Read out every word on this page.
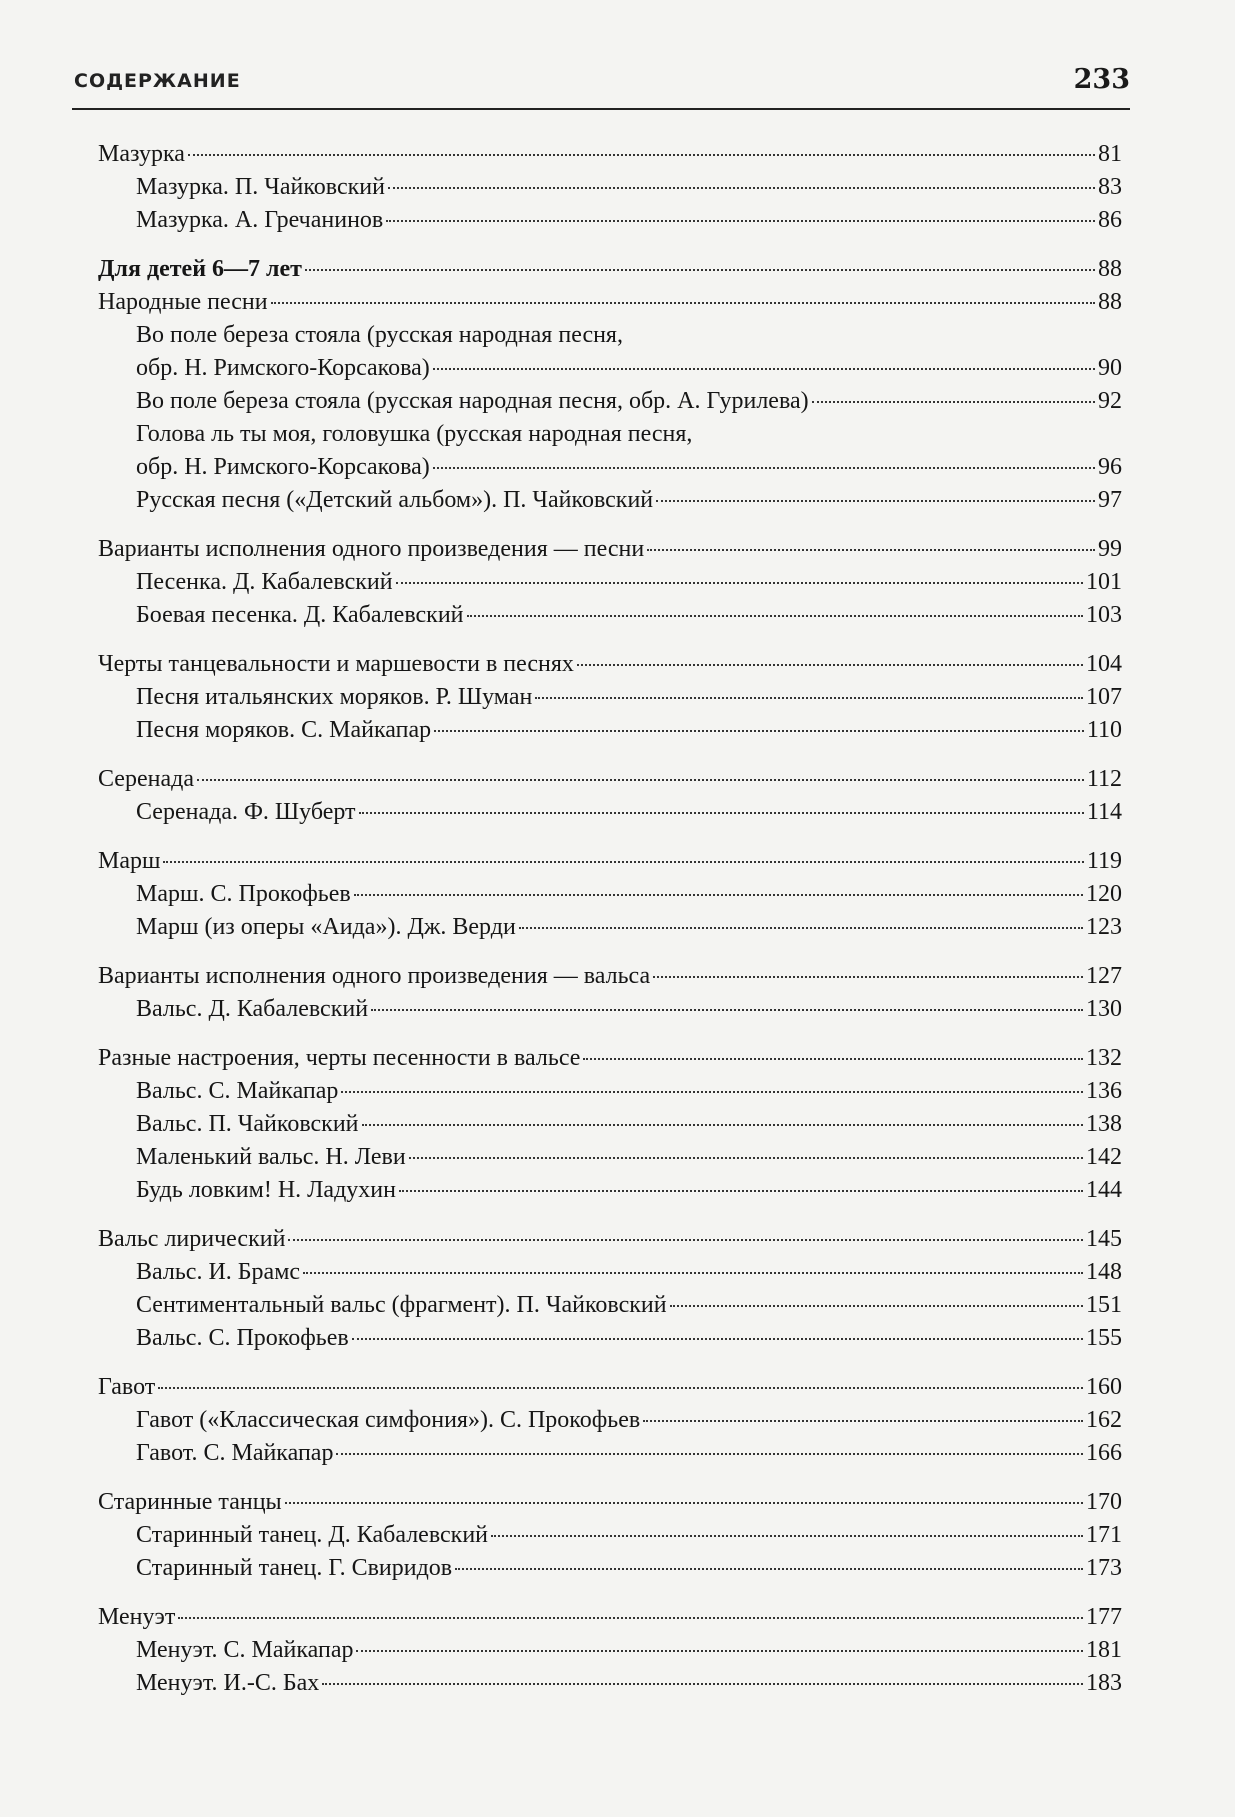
СОДЕРЖАНИЕ	233
Мазурка	81
Мазурка. П. Чайковский	83
Мазурка. А. Гречанинов	86
Для детей 6—7 лет	88
Народные песни	88
Во поле береза стояла (русская народная песня,
обр. Н. Римского-Корсакова)	90
Во поле береза стояла (русская народная песня, обр. А. Гурилева)	92
Голова ль ты моя, головушка (русская народная песня,
обр. Н. Римского-Корсакова)	96
Русская песня («Детский альбом»). П. Чайковский	97
Варианты исполнения одного произведения — песни	99
Песенка. Д. Кабалевский	101
Боевая песенка. Д. Кабалевский	103
Черты танцевальности и маршевости в песнях	104
Песня итальянских моряков. Р. Шуман	107
Песня моряков. С. Майкапар	110
Серенада	112
Серенада. Ф. Шуберт	114
Марш	119
Марш. С. Прокофьев	120
Марш (из оперы «Аида»). Дж. Верди	123
Варианты исполнения одного произведения — вальса	127
Вальс. Д. Кабалевский	130
Разные настроения, черты песенности в вальсе	132
Вальс. С. Майкапар	136
Вальс. П. Чайковский	138
Маленький вальс. Н. Леви	142
Будь ловким! Н. Ладухин	144
Вальс лирический	145
Вальс. И. Брамс	148
Сентиментальный вальс (фрагмент). П. Чайковский	151
Вальс. С. Прокофьев	155
Гавот	160
Гавот («Классическая симфония»). С. Прокофьев	162
Гавот. С. Майкапар	166
Старинные танцы	170
Старинный танец. Д. Кабалевский	171
Старинный танец. Г. Свиридов	173
Менуэт	177
Менуэт. С. Майкапар	181
Менуэт. И.-С. Бах	183
